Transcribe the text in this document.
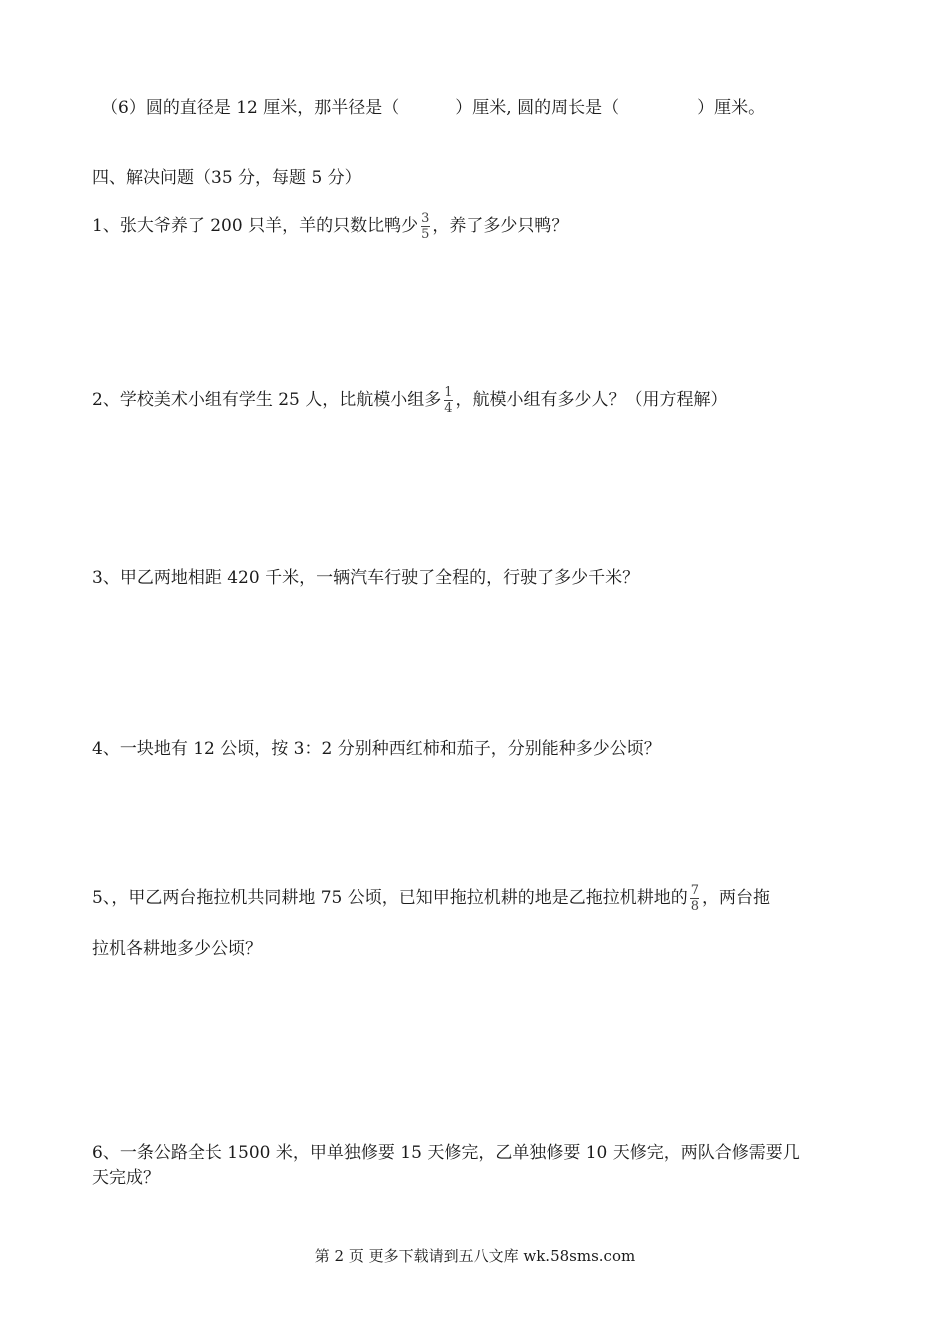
（6）圆的直径是 12 厘米，那半径是（	）厘米, 圆的周长是（	）厘米。
四、解决问题（35 分，每题 5 分）
1、张大爷养了 200 只羊，羊的只数比鸭少 $\frac{3}{5}$ ，养了多少只鸭？
2、学校美术小组有学生 25 人，比航模小组多 $\frac{1}{4}$ ，航模小组有多少人？（用方程解）
3、甲乙两地相距 420 千米，一辆汽车行驶了全程的，行驶了多少千米？
4、一块地有 12 公顷，按 3：2 分别种西红柿和茄子，分别能种多少公顷？
5、，甲乙两台拖拉机共同耕地 75 公顷，已知甲拖拉机耕的地是乙拖拉机耕地的 $\frac{7}{8}$ ，两台拖
拉机各耕地多少公顷？
6、一条公路全长 1500 米，甲单独修要 15 天修完，乙单独修要 10 天修完，两队合修需要几
天完成？
第 2 页 更多下载请到五八文库 wk.58sms.com
